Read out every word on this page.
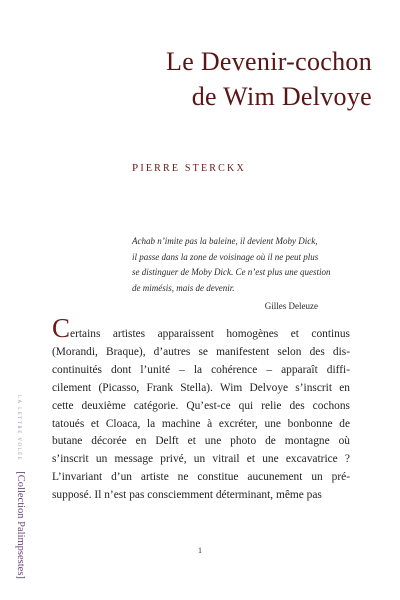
Le Devenir-cochon
de Wim Delvoye
PIERRE STERCKX
Achab n’imite pas la baleine, il devient Moby Dick,
il passe dans la zone de voisinage où il ne peut plus
se distinguer de Moby Dick. Ce n’est plus une question
de mimésis, mais de devenir.
Gilles Deleuze
Certains artistes apparaissent homogènes et continus
(Morandi, Braque), d’autres se manifestent selon des dis-
continuités dont l’unité – la cohérence – apparaît diffi-
cilement (Picasso, Frank Stella). Wim Delvoye s’inscrit en
cette deuxième catégorie. Qu’est-ce qui relie des cochons
tatoués et Cloaca, la machine à excréter, une bonbonne de
butane décorée en Delft et une photo de montagne où
s’inscrit un message privé, un vitrail et une excavatrice ?
L’invariant d’un artiste ne constitue aucunement un pré-
supposé. Il n’est pas consciemment déterminant, même pas
1
LA LETTRE VOLÉE[Collection Palimpsestes]
